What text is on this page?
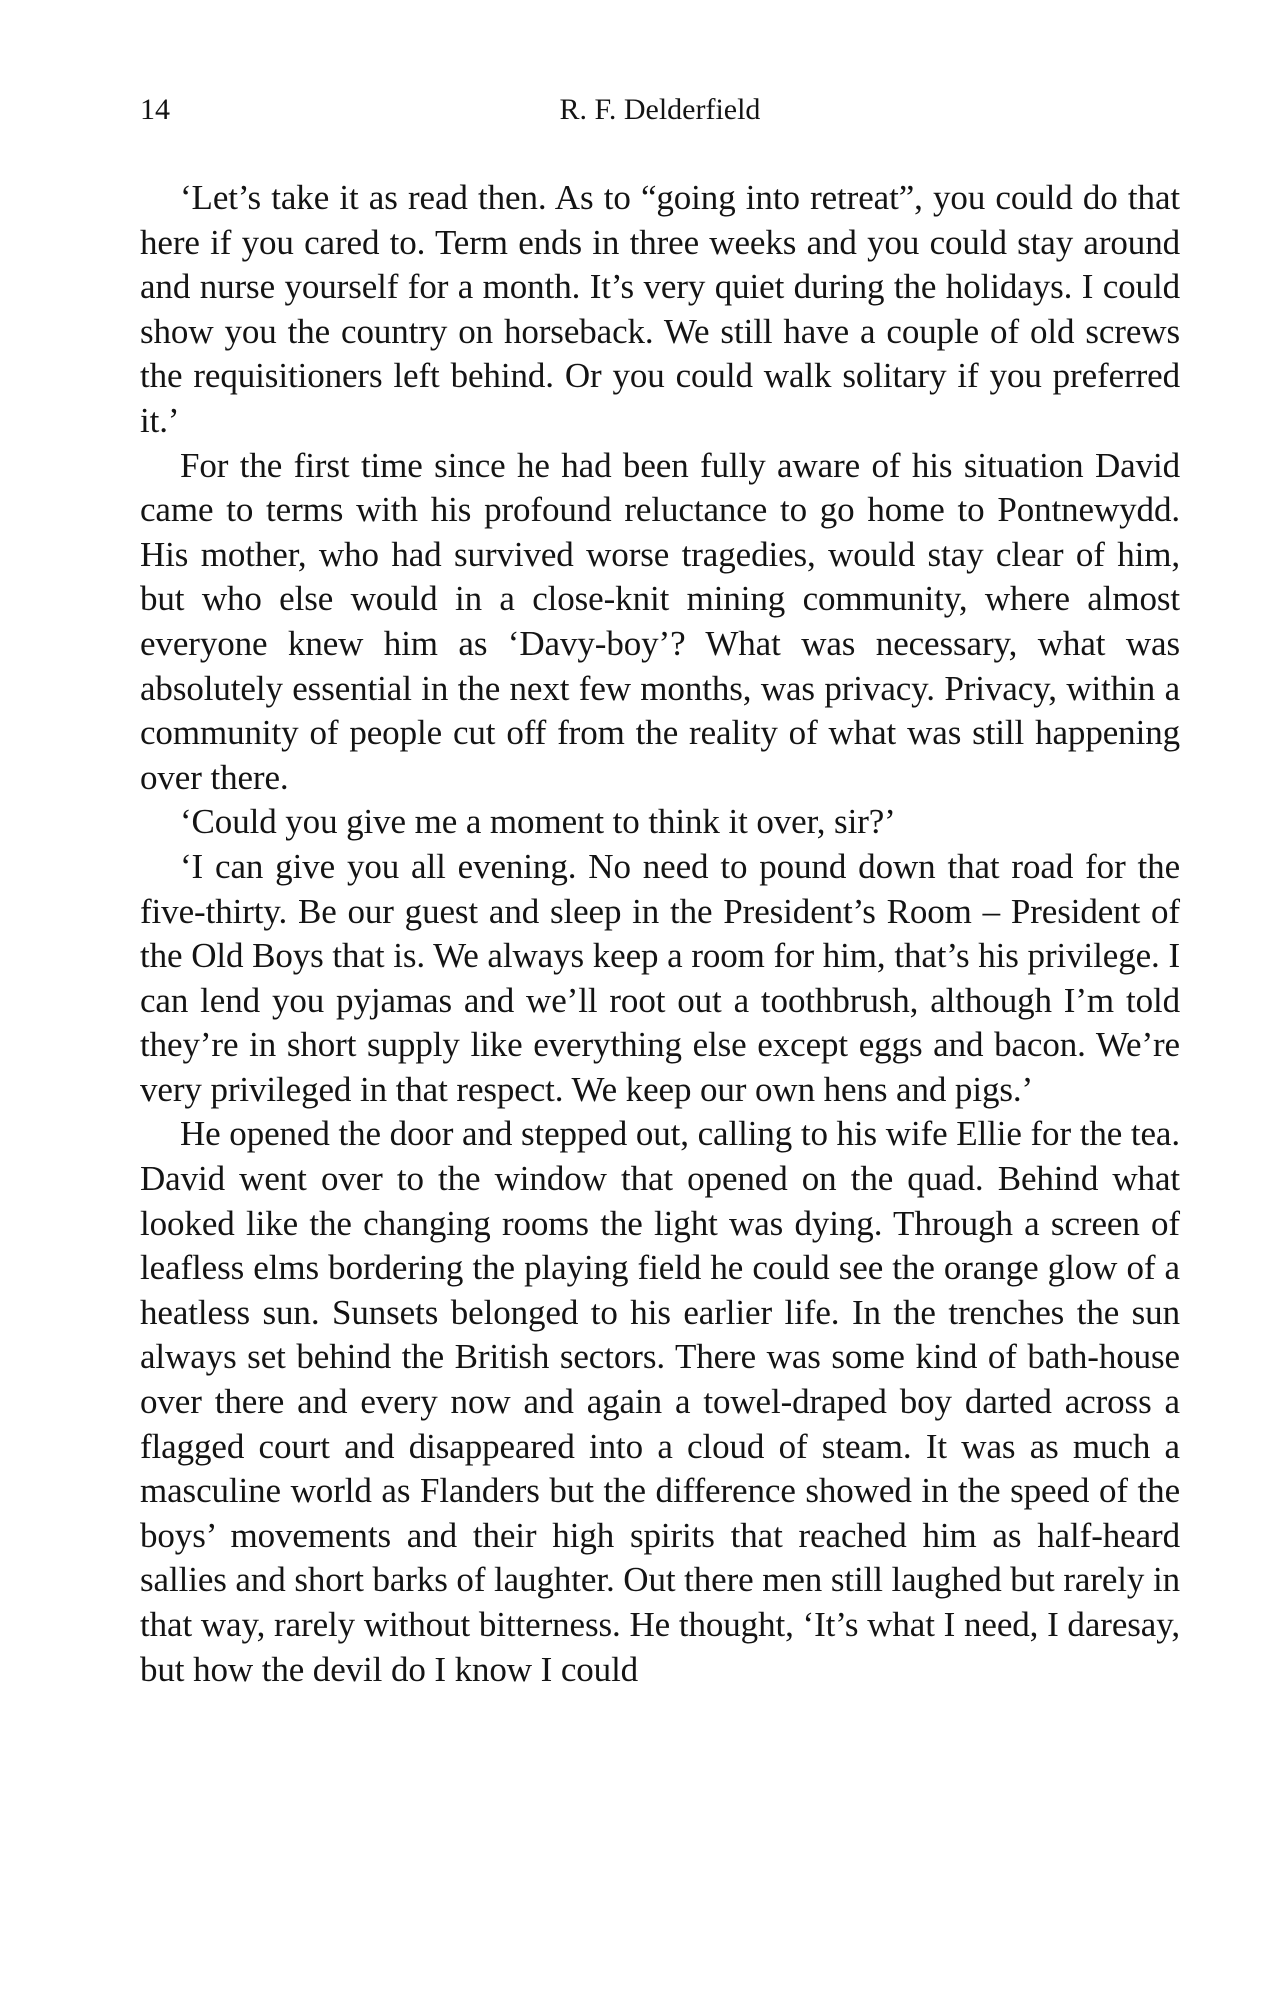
14	R. F. Delderfield

‘Let’s take it as read then. As to “going into retreat”, you could do that here if you cared to. Term ends in three weeks and you could stay around and nurse yourself for a month. It’s very quiet during the holidays. I could show you the country on horseback. We still have a couple of old screws the requisitioners left behind. Or you could walk solitary if you preferred it.’

For the first time since he had been fully aware of his situation David came to terms with his profound reluctance to go home to Pontnewydd. His mother, who had survived worse tragedies, would stay clear of him, but who else would in a close-knit mining community, where almost everyone knew him as ‘Davy-boy’? What was necessary, what was absolutely essential in the next few months, was privacy. Privacy, within a community of people cut off from the reality of what was still happening over there.

‘Could you give me a moment to think it over, sir?’

‘I can give you all evening. No need to pound down that road for the five-thirty. Be our guest and sleep in the President’s Room – President of the Old Boys that is. We always keep a room for him, that’s his privilege. I can lend you pyjamas and we’ll root out a toothbrush, although I’m told they’re in short supply like everything else except eggs and bacon. We’re very privileged in that respect. We keep our own hens and pigs.’

He opened the door and stepped out, calling to his wife Ellie for the tea. David went over to the window that opened on the quad. Behind what looked like the changing rooms the light was dying. Through a screen of leafless elms bordering the playing field he could see the orange glow of a heatless sun. Sunsets belonged to his earlier life. In the trenches the sun always set behind the British sectors. There was some kind of bath-house over there and every now and again a towel-draped boy darted across a flagged court and disappeared into a cloud of steam. It was as much a masculine world as Flanders but the difference showed in the speed of the boys’ movements and their high spirits that reached him as half-heard sallies and short barks of laughter. Out there men still laughed but rarely in that way, rarely without bitterness. He thought, ‘It’s what I need, I daresay, but how the devil do I know I could
